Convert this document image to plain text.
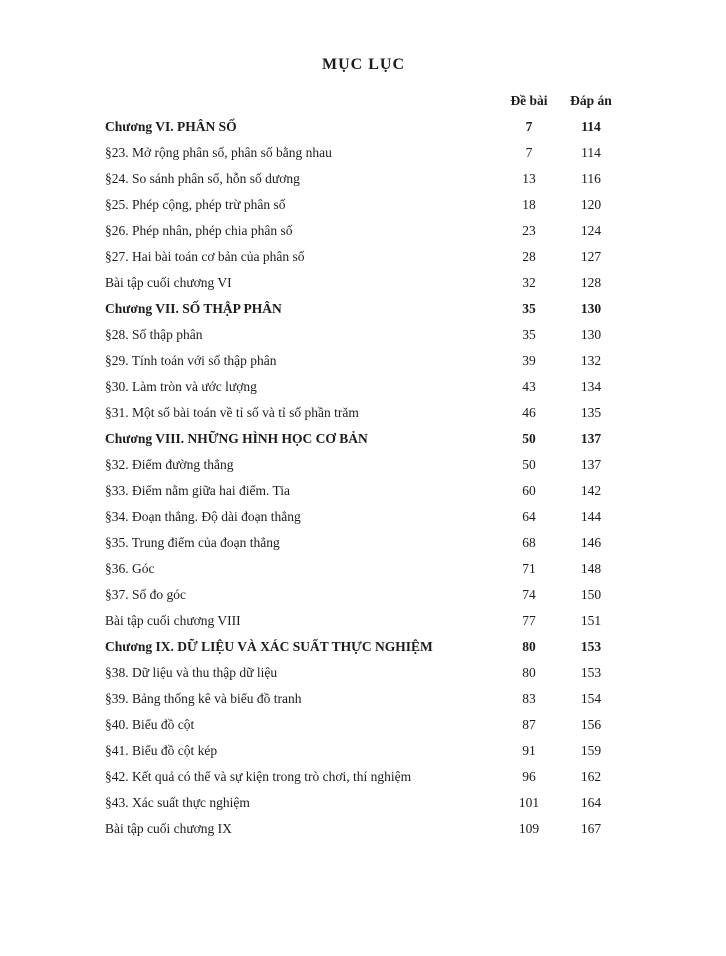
MỤC LỤC
Đề bài	Đáp án
Chương VI. PHÂN SỐ	7	114
§23. Mở rộng phân số, phân số bằng nhau	7	114
§24. So sánh phân số, hỗn số dương	13	116
§25. Phép cộng, phép trừ phân số	18	120
§26. Phép nhân, phép chia phân số	23	124
§27. Hai bài toán cơ bản của phân số	28	127
Bài tập cuối chương VI	32	128
Chương VII. SỐ THẬP PHÂN	35	130
§28. Số thập phân	35	130
§29. Tính toán với số thập phân	39	132
§30. Làm tròn và ước lượng	43	134
§31. Một số bài toán về tỉ số và tỉ số phần trăm	46	135
Chương VIII. NHỮNG HÌNH HỌC CƠ BẢN	50	137
§32. Điểm đường thẳng	50	137
§33. Điểm nằm giữa hai điểm. Tia	60	142
§34. Đoạn thẳng. Độ dài đoạn thẳng	64	144
§35. Trung điểm của đoạn thẳng	68	146
§36. Góc	71	148
§37. Số đo góc	74	150
Bài tập cuối chương VIII	77	151
Chương IX. DỮ LIỆU VÀ XÁC SUẤT THỰC NGHIỆM	80	153
§38. Dữ liệu và thu thập dữ liệu	80	153
§39. Bảng thống kê và biểu đồ tranh	83	154
§40. Biểu đồ cột	87	156
§41. Biểu đồ cột kép	91	159
§42. Kết quả có thể và sự kiện trong trò chơi, thí nghiệm	96	162
§43. Xác suất thực nghiệm	101	164
Bài tập cuối chương IX	109	167
